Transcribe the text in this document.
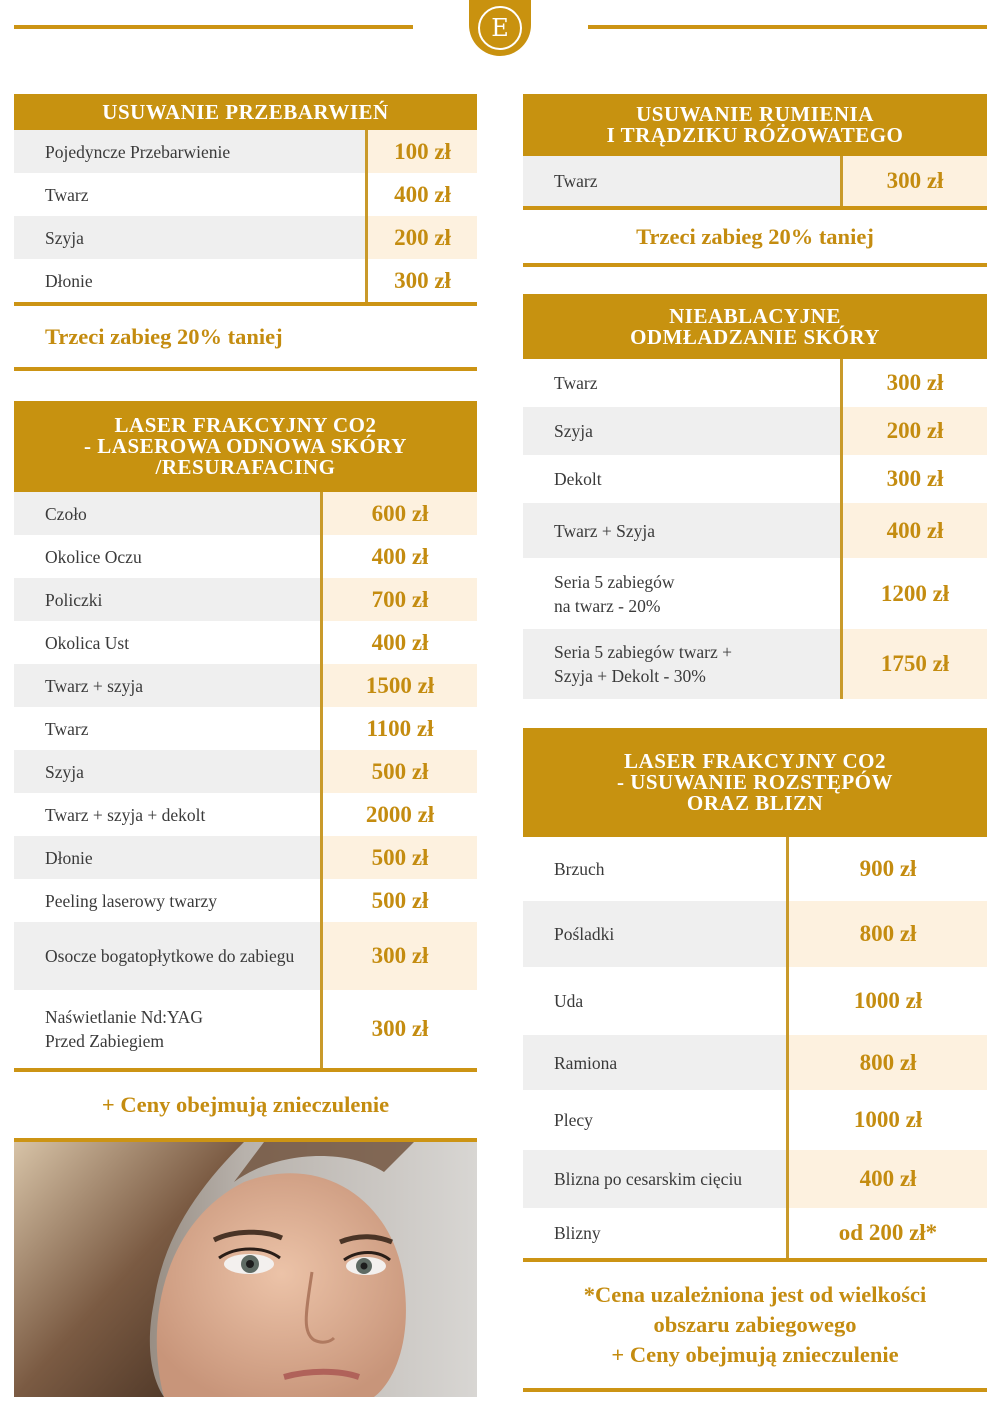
E
USUWANIE PRZEBARWIEŃ
Pojedyncze Przebarwienie	100 zł
Twarz	400 zł
Szyja	200 zł
Dłonie	300 zł
Trzeci zabieg 20% taniej
LASER FRAKCYJNY CO2
- LASEROWA ODNOWA SKÓRY
/RESURAFACING
Czoło	600 zł
Okolice Oczu	400 zł
Policzki	700 zł
Okolica Ust	400 zł
Twarz + szyja	1500 zł
Twarz	1100 zł
Szyja	500 zł
Twarz + szyja + dekolt	2000 zł
Dłonie	500 zł
Peeling laserowy twarzy	500 zł
Osocze bogatopłytkowe do zabiegu	300 zł
Naświetlanie Nd:YAG Przed Zabiegiem	300 zł
+ Ceny obejmują znieczulenie
USUWANIE RUMIENIA
I TRĄDZIKU RÓŻOWATEGO
Twarz	300 zł
Trzeci zabieg 20% taniej
NIEABLACYJNE
ODMŁADZANIE SKÓRY
Twarz	300 zł
Szyja	200 zł
Dekolt	300 zł
Twarz + Szyja	400 zł
Seria 5 zabiegów na twarz - 20%	1200 zł
Seria 5 zabiegów twarz + Szyja + Dekolt - 30%	1750 zł
LASER FRAKCYJNY CO2
- USUWANIE ROZSTĘPÓW
ORAZ BLIZN
Brzuch	900 zł
Pośladki	800 zł
Uda	1000 zł
Ramiona	800 zł
Plecy	1000 zł
Blizna po cesarskim cięciu	400 zł
Blizny	od 200 zł*
*Cena uzależniona jest od wielkości
obszaru zabiegowego
+ Ceny obejmują znieczulenie
